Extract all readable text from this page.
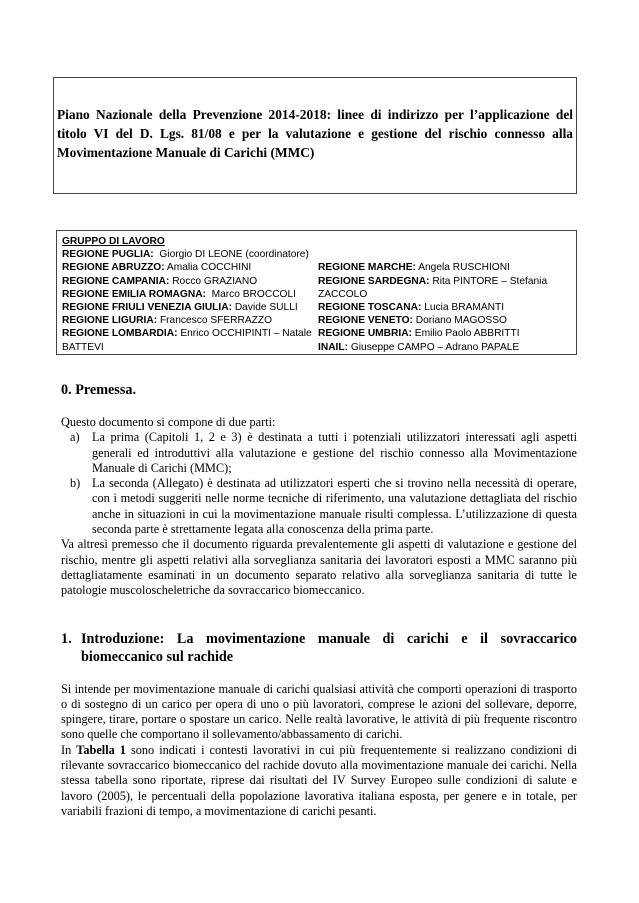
Piano Nazionale della Prevenzione 2014-2018: linee di indirizzo per l’applicazione del titolo VI del D. Lgs. 81/08 e per la valutazione e gestione del rischio connesso alla Movimentazione Manuale di Carichi (MMC)
GRUPPO DI LAVORO
REGIONE PUGLIA: Giorgio DI LEONE (coordinatore)
REGIONE ABRUZZO: Amalia COCCHINI
REGIONE CAMPANIA: Rocco GRAZIANO
REGIONE EMILIA ROMAGNA: Marco BROCCOLI
REGIONE FRIULI VENEZIA GIULIA: Davide SULLI
REGIONE LIGURIA: Francesco SFERRAZZO
REGIONE LOMBARDIA: Enrico OCCHIPINTI – Natale BATTEVI
REGIONE MARCHE: Angela RUSCHIONI
REGIONE SARDEGNA: Rita PINTORE – Stefania ZACCOLO
REGIONE TOSCANA: Lucia BRAMANTI
REGIONE VENETO: Doriano MAGOSSO
REGIONE UMBRIA: Emilio Paolo ABBRITTI
INAIL: Giuseppe CAMPO – Adrano PAPALE
0. Premessa.

Questo documento si compone di due parti:

a)	La prima (Capitoli 1, 2 e 3) è destinata a tutti i potenziali utilizzatori interessati agli aspetti generali ed introduttivi alla valutazione e gestione del rischio connesso alla Movimentazione Manuale di Carichi (MMC);
b) La seconda (Allegato) è destinata ad utilizzatori esperti che si trovino nella necessità di operare, con i metodi suggeriti nelle norme tecniche di riferimento, una valutazione dettagliata del rischio anche in situazioni in cui la movimentazione manuale risulti complessa. L’utilizzazione di questa seconda parte è strettamente legata alla conoscenza della prima parte.

Va altresì premesso che il documento riguarda prevalentemente gli aspetti di valutazione e gestione del rischio, mentre gli aspetti relativi alla sorveglianza sanitaria dei lavoratori esposti a MMC saranno più dettagliatamente esaminati in un documento separato relativo alla sorveglianza sanitaria di tutte le patologie muscoloscheletriche da sovraccarico biomeccanico.

1. Introduzione: La movimentazione manuale di carichi e il sovraccarico biomeccanico sul rachide

Si intende per movimentazione manuale di carichi qualsiasi attività che comporti operazioni di trasporto o di sostegno di un carico per opera di uno o più lavoratori, comprese le azioni del sollevare, deporre, spingere, tirare, portare o spostare un carico. Nelle realtà lavorative, le attività di più frequente riscontro sono quelle che comportano il sollevamento/abbassamento di carichi.

In Tabella 1 sono indicati i contesti lavorativi in cui più frequentemente si realizzano condizioni di rilevante sovraccarico biomeccanico del rachide dovuto alla movimentazione manuale dei carichi. Nella stessa tabella sono riportate, riprese dai risultati del IV Survey Europeo sulle condizioni di salute e lavoro (2005), le percentuali della popolazione lavorativa italiana esposta, per genere e in totale, per variabili frazioni di tempo, a movimentazione di carichi pesanti.
